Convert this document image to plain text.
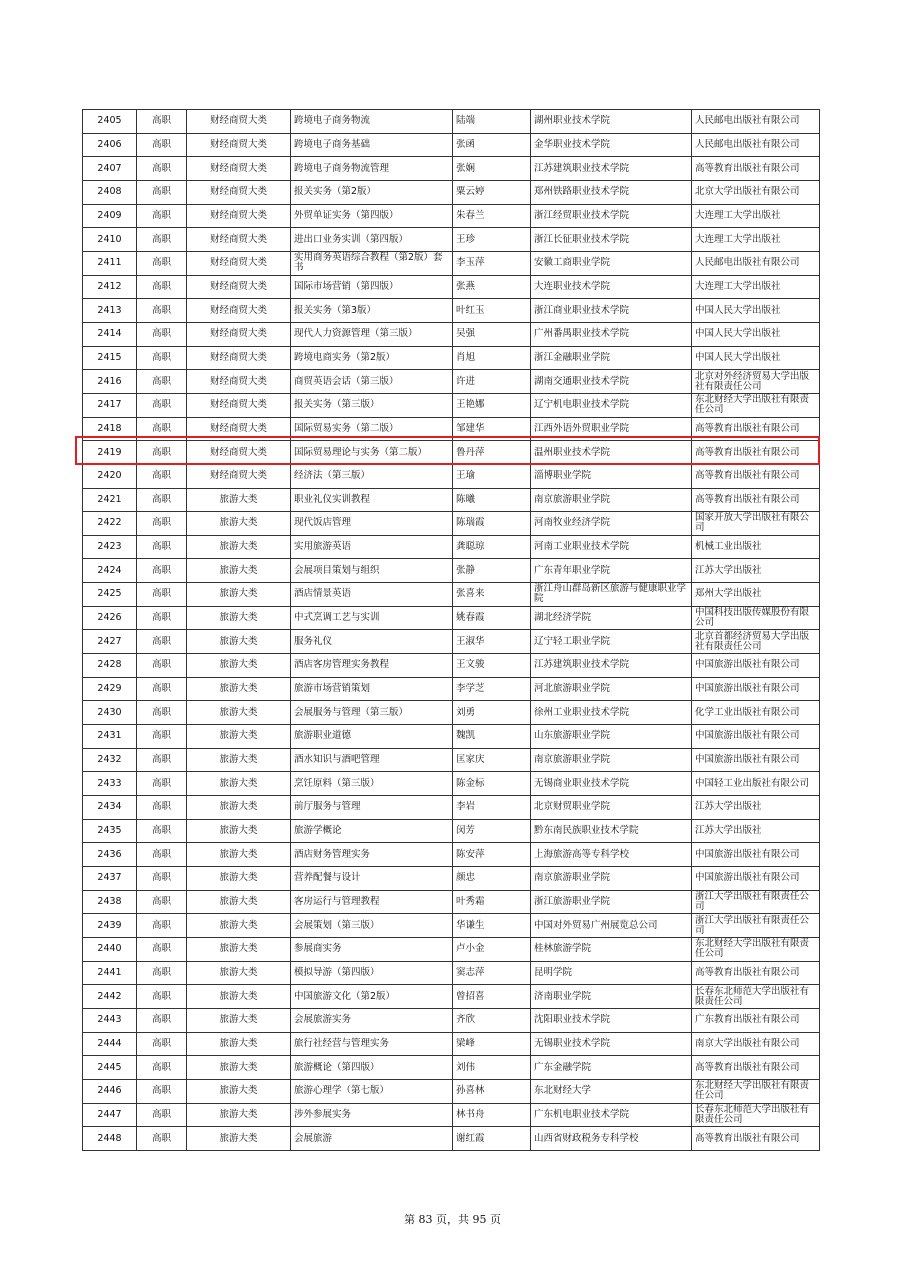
2405	高职	财经商贸大类	跨境电子商务物流	陆端	湖州职业技术学院	人民邮电出版社有限公司
2406	高职	财经商贸大类	跨境电子商务基础	张函	金华职业技术学院	人民邮电出版社有限公司
2407	高职	财经商贸大类	跨境电子商务物流管理	张娴	江苏建筑职业技术学院	高等教育出版社有限公司
2408	高职	财经商贸大类	报关实务（第2版）	粟云婷	郑州铁路职业技术学院	北京大学出版社有限公司
2409	高职	财经商贸大类	外贸单证实务（第四版）	朱春兰	浙江经贸职业技术学院	大连理工大学出版社
2410	高职	财经商贸大类	进出口业务实训（第四版）	王珍	浙江长征职业技术学院	大连理工大学出版社
2411	高职	财经商贸大类	实用商务英语综合教程（第2版）套书	李玉萍	安徽工商职业学院	人民邮电出版社有限公司
2412	高职	财经商贸大类	国际市场营销（第四版）	张燕	大连职业技术学院	大连理工大学出版社
2413	高职	财经商贸大类	报关实务（第3版）	叶红玉	浙江商业职业技术学院	中国人民大学出版社
2414	高职	财经商贸大类	现代人力资源管理（第三版）	吴强	广州番禺职业技术学院	中国人民大学出版社
2415	高职	财经商贸大类	跨境电商实务（第2版）	肖旭	浙江金融职业学院	中国人民大学出版社
2416	高职	财经商贸大类	商贸英语会话（第三版）	许进	湖南交通职业技术学院	北京对外经济贸易大学出版社有限责任公司
2417	高职	财经商贸大类	报关实务（第三版）	王艳娜	辽宁机电职业技术学院	东北财经大学出版社有限责任公司
2418	高职	财经商贸大类	国际贸易实务（第二版）	邹建华	江西外语外贸职业学院	高等教育出版社有限公司
2419	高职	财经商贸大类	国际贸易理论与实务（第二版）	鲁丹萍	温州职业技术学院	高等教育出版社有限公司
2420	高职	财经商贸大类	经济法（第三版）	王瑜	淄博职业学院	高等教育出版社有限公司
2421	高职	旅游大类	职业礼仪实训教程	陈曦	南京旅游职业学院	高等教育出版社有限公司
2422	高职	旅游大类	现代饭店管理	陈瑞霞	河南牧业经济学院	国家开放大学出版社有限公司
2423	高职	旅游大类	实用旅游英语	龚聪琼	河南工业职业技术学院	机械工业出版社
2424	高职	旅游大类	会展项目策划与组织	张静	广东青年职业学院	江苏大学出版社
2425	高职	旅游大类	酒店情景英语	张喜来	浙江舟山群岛新区旅游与健康职业学院	郑州大学出版社
2426	高职	旅游大类	中式烹调工艺与实训	姚春霞	湖北经济学院	中国科技出版传媒股份有限公司
2427	高职	旅游大类	服务礼仪	王淑华	辽宁轻工职业学院	北京首都经济贸易大学出版社有限责任公司
2428	高职	旅游大类	酒店客房管理实务教程	王文骏	江苏建筑职业技术学院	中国旅游出版社有限公司
2429	高职	旅游大类	旅游市场营销策划	李学芝	河北旅游职业学院	中国旅游出版社有限公司
2430	高职	旅游大类	会展服务与管理（第三版）	刘勇	徐州工业职业技术学院	化学工业出版社有限公司
2431	高职	旅游大类	旅游职业道德	魏凯	山东旅游职业学院	中国旅游出版社有限公司
2432	高职	旅游大类	酒水知识与酒吧管理	匡家庆	南京旅游职业学院	中国旅游出版社有限公司
2433	高职	旅游大类	烹饪原料（第三版）	陈金标	无锡商业职业技术学院	中国轻工业出版社有限公司
2434	高职	旅游大类	前厅服务与管理	李岩	北京财贸职业学院	江苏大学出版社
2435	高职	旅游大类	旅游学概论	闵芳	黔东南民族职业技术学院	江苏大学出版社
2436	高职	旅游大类	酒店财务管理实务	陈安萍	上海旅游高等专科学校	中国旅游出版社有限公司
2437	高职	旅游大类	营养配餐与设计	颜忠	南京旅游职业学院	中国旅游出版社有限公司
2438	高职	旅游大类	客房运行与管理教程	叶秀霜	浙江旅游职业学院	浙江大学出版社有限责任公司
2439	高职	旅游大类	会展策划（第三版）	华谦生	中国对外贸易广州展览总公司	浙江大学出版社有限责任公司
2440	高职	旅游大类	参展商实务	卢小金	桂林旅游学院	东北财经大学出版社有限责任公司
2441	高职	旅游大类	模拟导游（第四版）	窦志萍	昆明学院	高等教育出版社有限公司
2442	高职	旅游大类	中国旅游文化（第2版）	曾招喜	济南职业学院	长春东北师范大学出版社有限责任公司
2443	高职	旅游大类	会展旅游实务	齐欣	沈阳职业技术学院	广东教育出版社有限公司
2444	高职	旅游大类	旅行社经营与管理实务	梁峰	无锡职业技术学院	南京大学出版社有限公司
2445	高职	旅游大类	旅游概论（第四版）	刘伟	广东金融学院	高等教育出版社有限公司
2446	高职	旅游大类	旅游心理学（第七版）	孙喜林	东北财经大学	东北财经大学出版社有限责任公司
2447	高职	旅游大类	涉外参展实务	林书舟	广东机电职业技术学院	长春东北师范大学出版社有限责任公司
2448	高职	旅游大类	会展旅游	谢红霞	山西省财政税务专科学校	高等教育出版社有限公司
第 83 页，共 95 页
